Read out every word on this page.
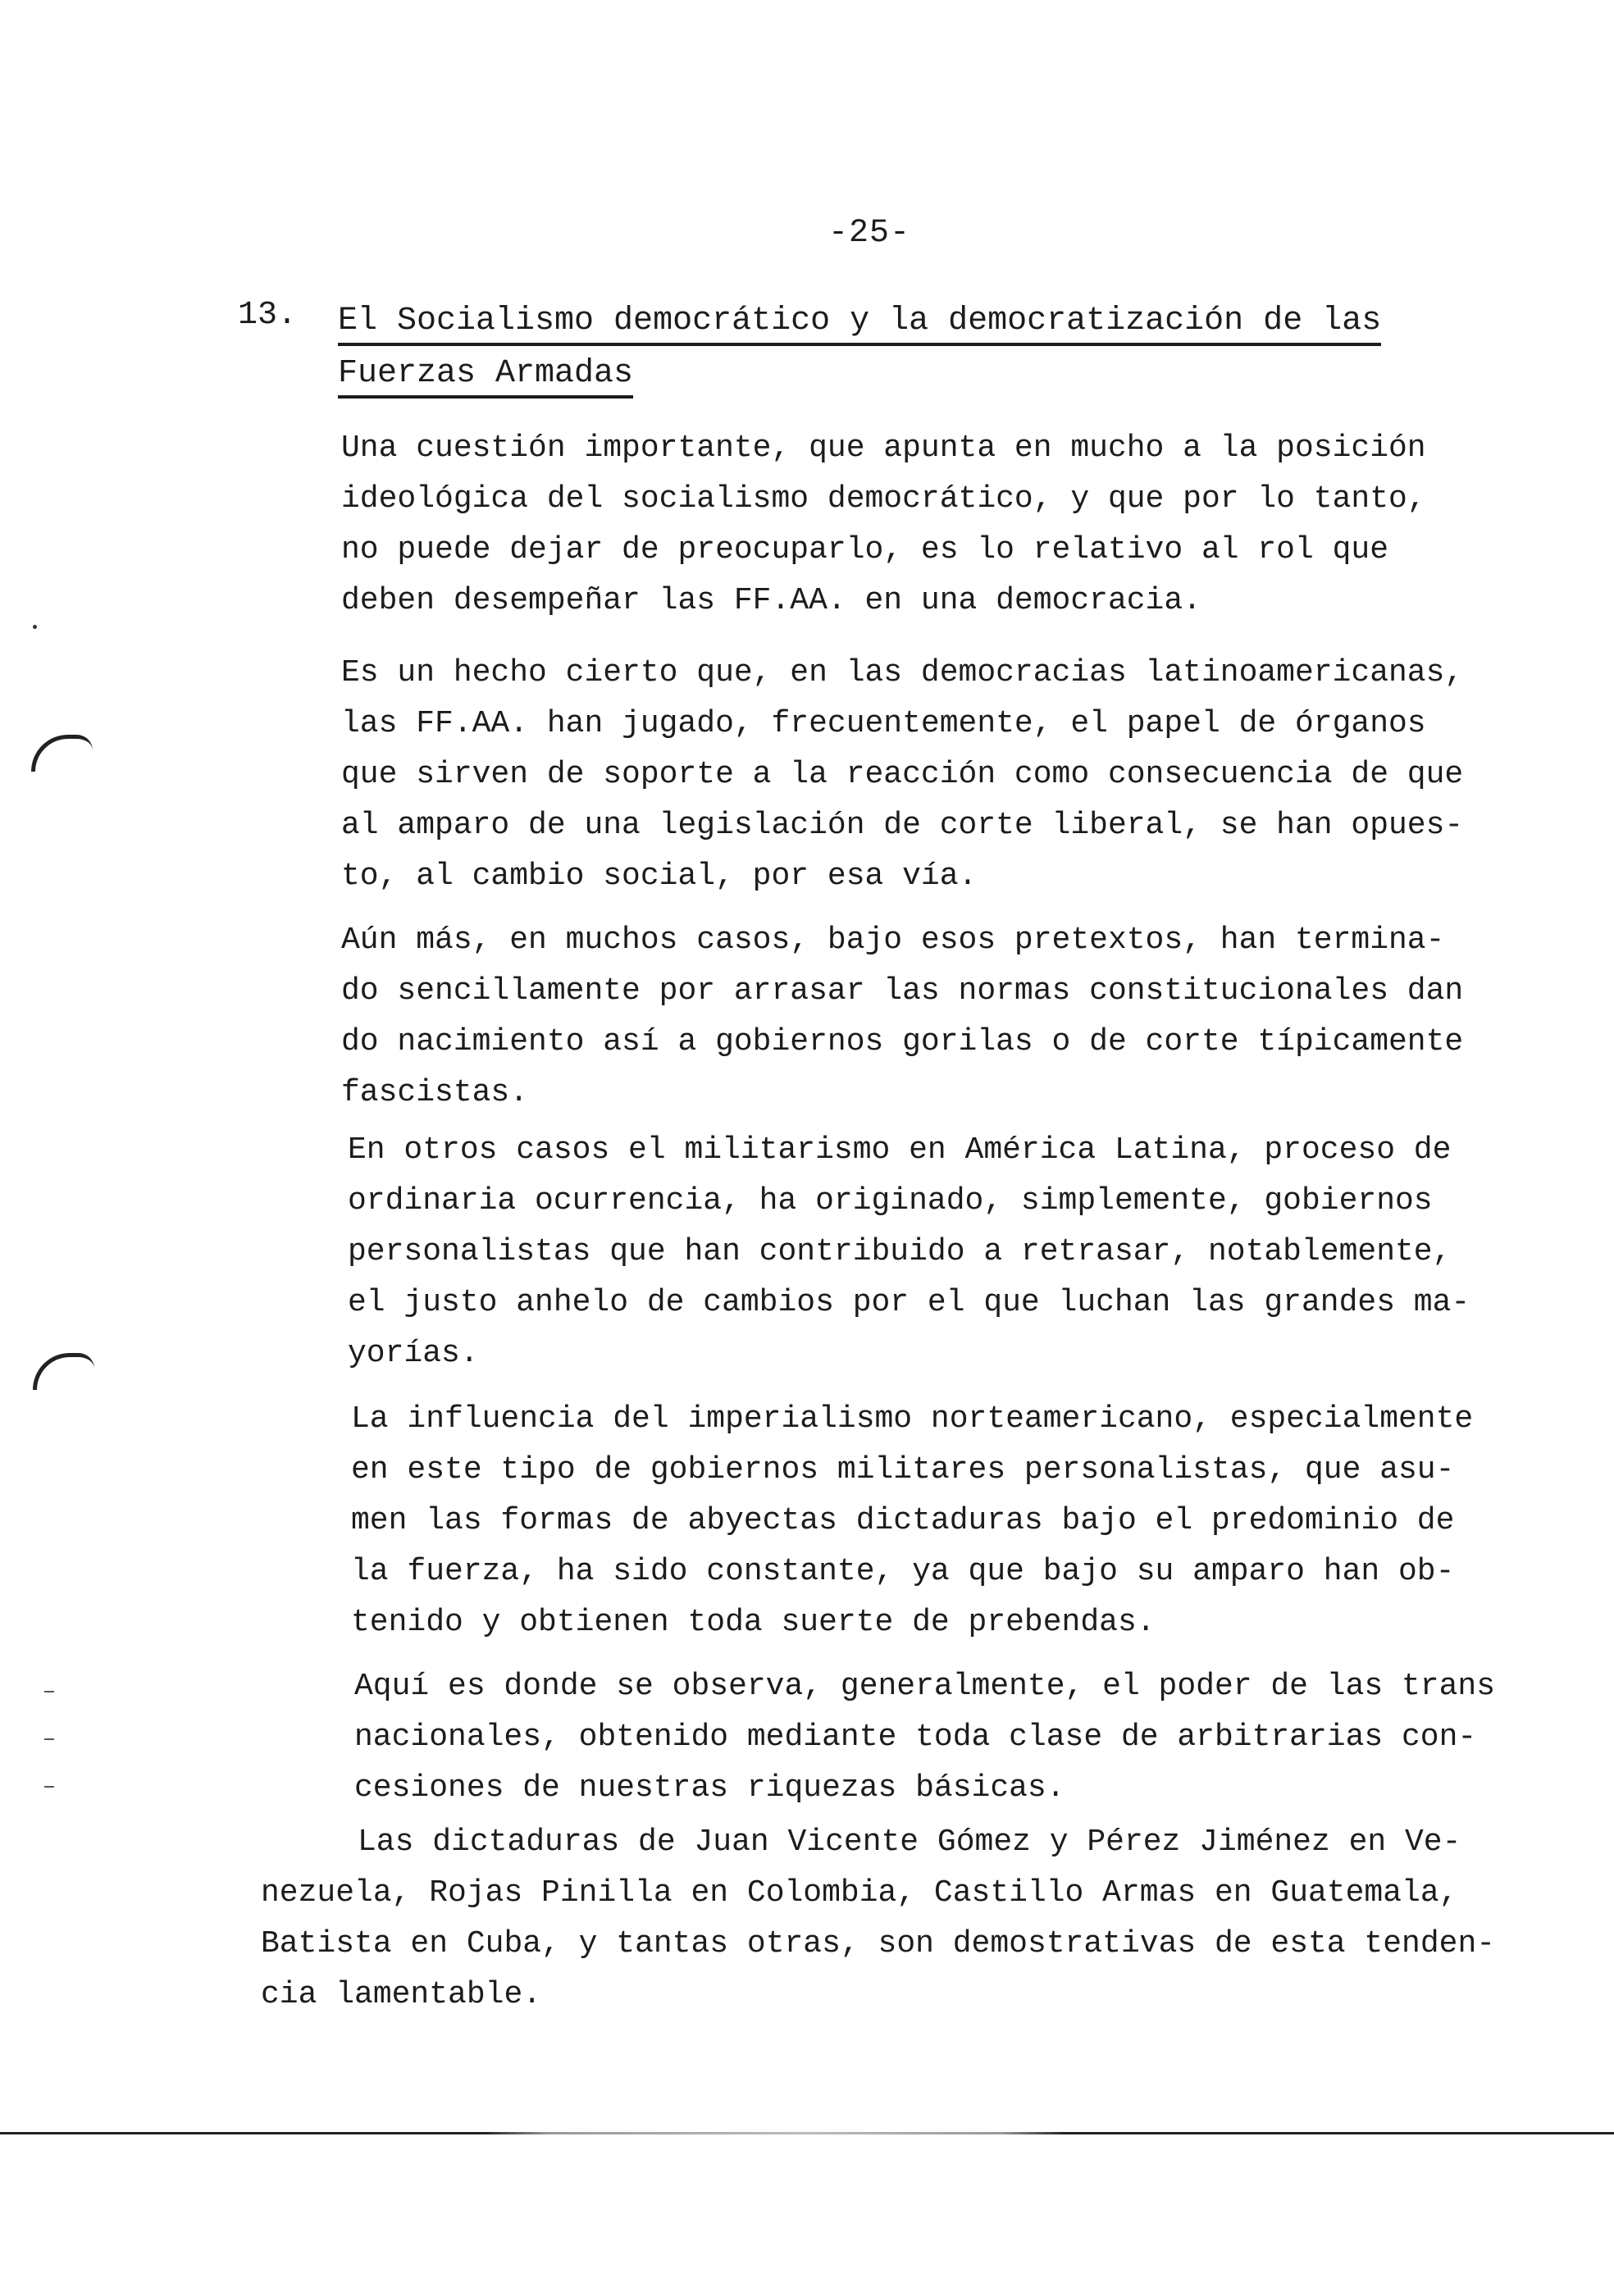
-25-
13. El Socialismo democrático y la democratización de las
Fuerzas Armadas
Una cuestión importante, que apunta en mucho a la posición
ideológica del socialismo democrático, y que por lo tanto,
no puede dejar de preocuparlo, es lo relativo al rol que
deben desempeñar las FF.AA. en una democracia.
Es un hecho cierto que, en las democracias latinoamericanas,
las FF.AA. han jugado, frecuentemente, el papel de órganos
que sirven de soporte a la reacción como consecuencia de que
al amparo de una legislación de corte liberal, se han opues-
to, al cambio social, por esa vía.
Aún más, en muchos casos, bajo esos pretextos, han termina-
do sencillamente por arrasar las normas constitucionales dan
do nacimiento así a gobiernos gorilas o de corte típicamente
fascistas.
En otros casos el militarismo en América Latina, proceso de
ordinaria ocurrencia, ha originado, simplemente, gobiernos
personalistas que han contribuido a retrasar, notablemente,
el justo anhelo de cambios por el que luchan las grandes ma-
yorías.
La influencia del imperialismo norteamericano, especialmente
en este tipo de gobiernos militares personalistas, que asu-
men las formas de abyectas dictaduras bajo el predominio de
la fuerza, ha sido constante, ya que bajo su amparo han ob-
tenido y obtienen toda suerte de prebendas.
Aquí es donde se observa, generalmente, el poder de las trans
nacionales, obtenido mediante toda clase de arbitrarias con-
cesiones de nuestras riquezas básicas.
Las dictaduras de Juan Vicente Gómez y Pérez Jiménez en Ve-
nezuela, Rojas Pinilla en Colombia, Castillo Armas en Guatemala,
Batista en Cuba, y tantas otras, son demostrativas de esta tenden-
cia lamentable.
